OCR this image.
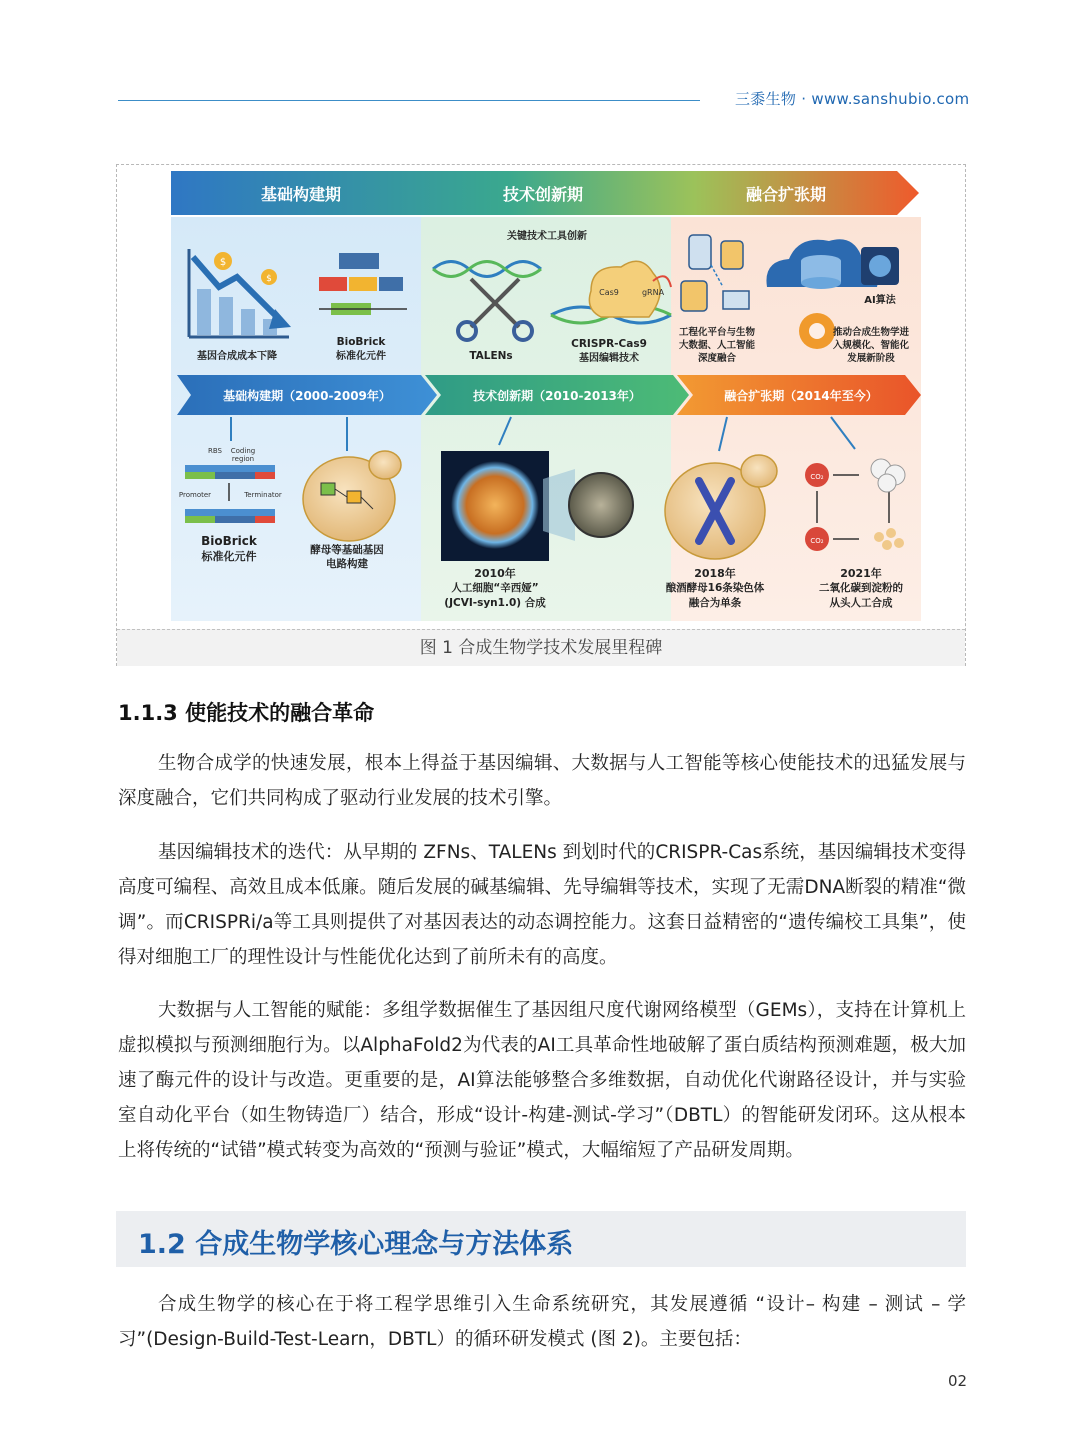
三黍生物 · www.sanshubio.com
基础构建期	技术创新期	融合扩张期
$
$
基因合成成本下降
BioBrick
标准化元件
关键技术工具创新
TALENs
Cas9	gRNA
CRISPR-Cas9
基因编辑技术
AI算法
工程化平台与生物
大数据、人工智能
深度融合
推动合成生物学进
入规模化、智能化
发展新阶段
基础构建期（2000-2009年）	技术创新期（2010-2013年）	融合扩张期（2014年至今）
RBS Coding
region
Promoter	Terminator
BioBrick
标准化元件	酵母等基础基因
电路构建
2010年
人工细胞“辛西娅”
(JCVI-syn1.0) 合成
2018年
酿酒酵母16条染色体
融合为单条
CO₂
CO₂
2021年
二氧化碳到淀粉的
从头人工合成
图 1 合成生物学技术发展里程碑
1.1.3 使能技术的融合革命
生物合成学的快速发展，根本上得益于基因编辑、大数据与人工智能等核心使能技术的迅猛发展与深度融合，它们共同构成了驱动行业发展的技术引擎。
基因编辑技术的迭代：从早期的 ZFNs、TALENs 到划时代的CRISPR-Cas系统，基因编辑技术变得高度可编程、高效且成本低廉。随后发展的碱基编辑、先导编辑等技术，实现了无需DNA断裂的精准“微调”。而CRISPRi/a等工具则提供了对基因表达的动态调控能力。这套日益精密的“遗传编校工具集”，使得对细胞工厂的理性设计与性能优化达到了前所未有的高度。
大数据与人工智能的赋能：多组学数据催生了基因组尺度代谢网络模型（GEMs），支持在计算机上虚拟模拟与预测细胞行为。以AlphaFold2为代表的AI工具革命性地破解了蛋白质结构预测难题，极大加速了酶元件的设计与改造。更重要的是，AI算法能够整合多维数据，自动优化代谢路径设计，并与实验室自动化平台（如生物铸造厂）结合，形成“设计-构建-测试-学习”（DBTL）的智能研发闭环。这从根本上将传统的“试错”模式转变为高效的“预测与验证”模式，大幅缩短了产品研发周期。
1.2 合成生物学核心理念与方法体系
合成生物学的核心在于将工程学思维引入生命系统研究，其发展遵循 “设计– 构建 – 测试 – 学习”(Design-Build-Test-Learn，DBTL）的循环研发模式 (图 2)。主要包括：
02
